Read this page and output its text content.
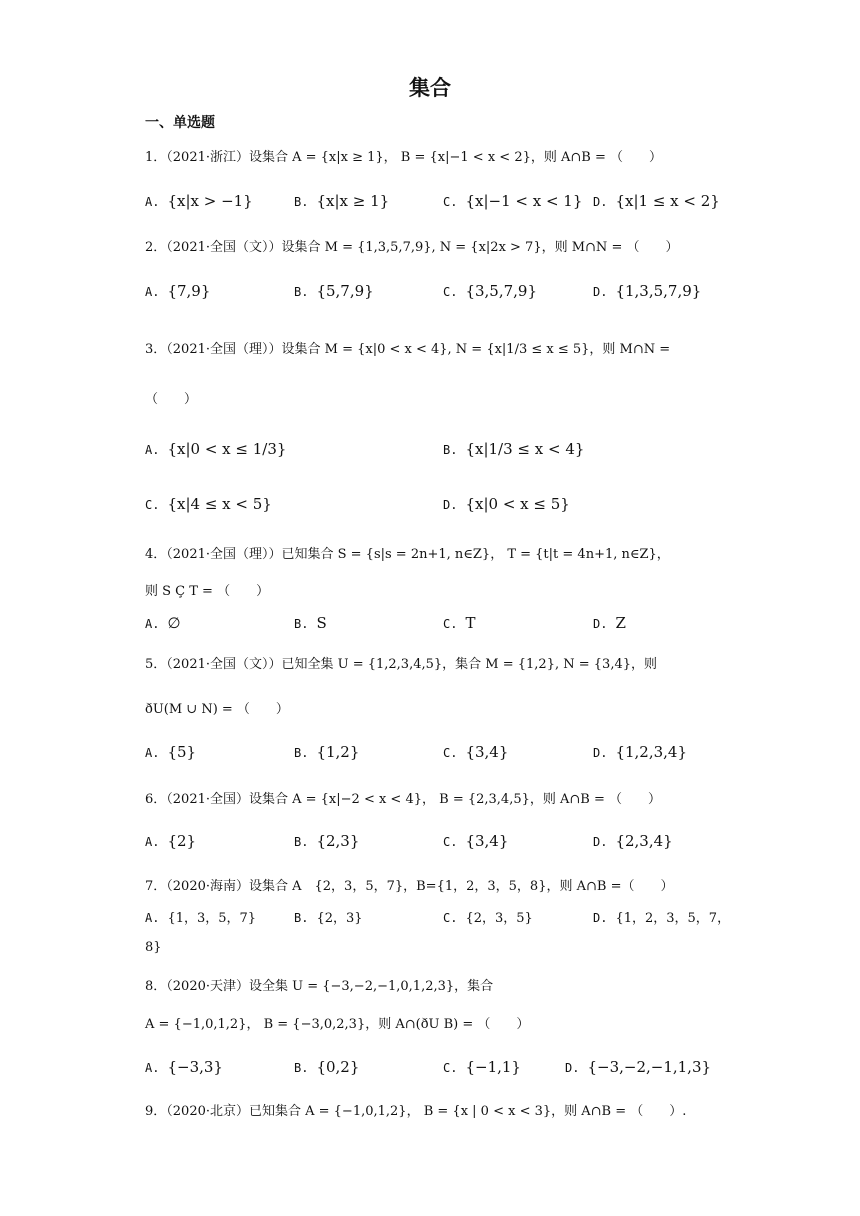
集合
一、单选题
1．（2021·浙江）设集合 A = {x|x ≥ 1}， B = {x|−1 < x < 2}，则 A∩B = （　　）
A. {x|x > −1}	B. {x|x ≥ 1}	C. {x|−1 < x < 1} D. {x|1 ≤ x < 2}
2．（2021·全国（文））设集合 M = {1,3,5,7,9}, N = {x|2x > 7}，则 M∩N = （　　）
A. {7,9}	B. {5,7,9}	C. {3,5,7,9}	D. {1,3,5,7,9}
3．（2021·全国（理））设集合 M = {x|0 < x < 4}, N = {x|1/3 ≤ x ≤ 5}，则 M∩N =
（　　）
A. {x|0 < x ≤ 1/3}	B. {x|1/3 ≤ x < 4}
C. {x|4 ≤ x < 5}	D. {x|0 < x ≤ 5}
4．（2021·全国（理））已知集合 S = {s|s = 2n+1, n∈Z}， T = {t|t = 4n+1, n∈Z}，
则 S Ç T = （　　）
A. ∅	B. S	C. T	D. Z
5．（2021·全国（文））已知全集 U = {1,2,3,4,5}，集合 M = {1,2}, N = {3,4}，则
ðU(M ∪ N) = （　　）
A. {5}	B. {1,2}	C. {3,4}	D. {1,2,3,4}
6．（2021·全国）设集合 A = {x|−2 < x < 4}， B = {2,3,4,5}，则 A∩B = （　　）
A. {2}	B. {2,3}	C. {3,4}	D. {2,3,4}
7．（2020·海南）设集合 A　{2，3，5，7}，B={1，2，3，5，8}，则 A∩B =（　　）
A. {1，3，5，7}	B. {2，3}	C. {2，3，5}	D. {1，2，3，5，7，
8}
8．（2020·天津）设全集 U = {−3,−2,−1,0,1,2,3}，集合
A = {−1,0,1,2}， B = {−3,0,2,3}，则 A∩(ðU B) = （　　）
A. {−3,3}	B. {0,2}	C. {−1,1}	D. {−3,−2,−1,1,3}
9．（2020·北京）已知集合 A = {−1,0,1,2}， B = {x | 0 < x < 3}，则 A∩B = （　　）.
